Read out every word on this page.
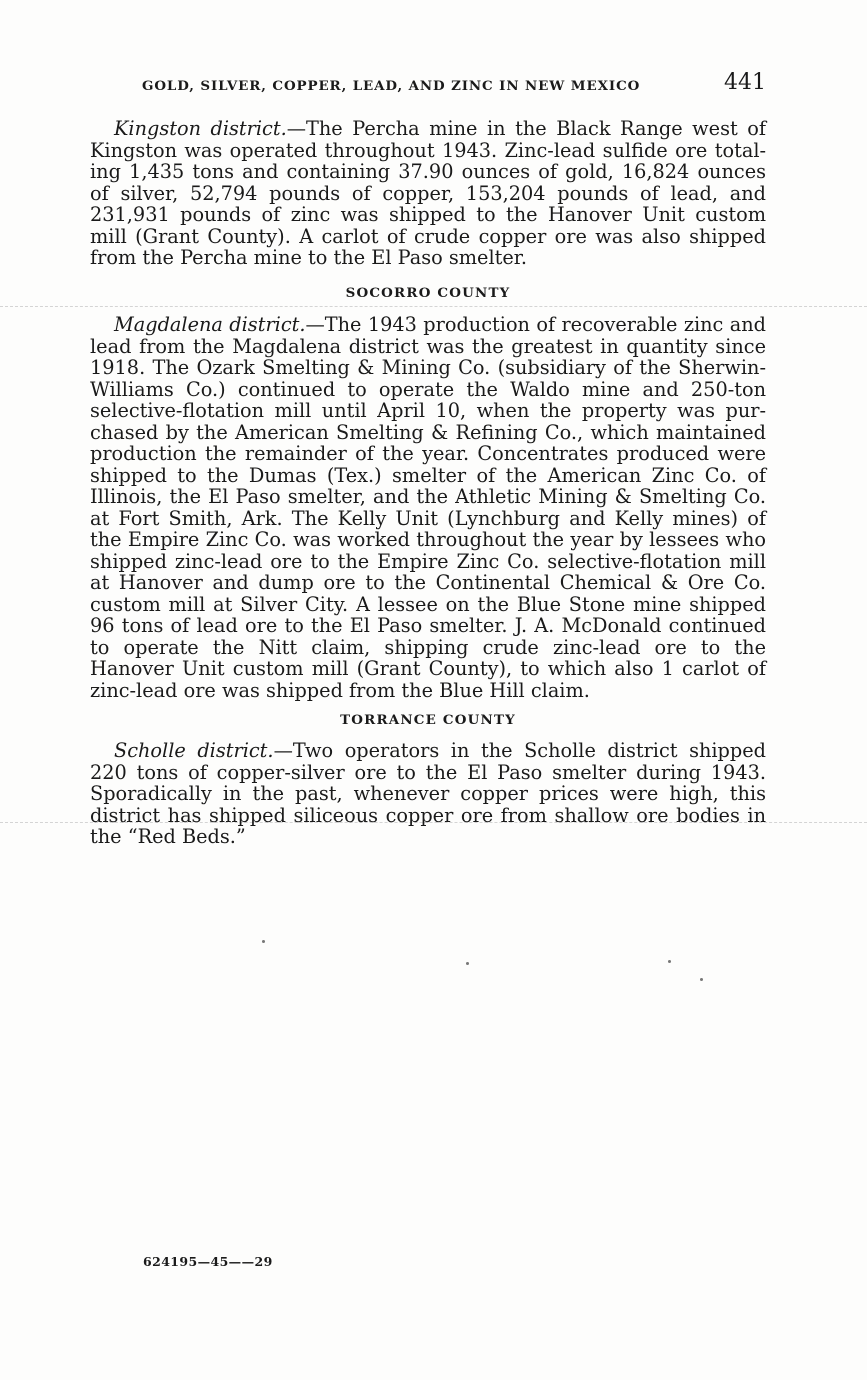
GOLD, SILVER, COPPER, LEAD, AND ZINC IN NEW MEXICO	441

Kingston district.—The Percha mine in the Black Range west of Kingston was operated throughout 1943. Zinc-lead sulfide ore totaling 1,435 tons and containing 37.90 ounces of gold, 16,824 ounces of silver, 52,794 pounds of copper, 153,204 pounds of lead, and 231,931 pounds of zinc was shipped to the Hanover Unit custom mill (Grant County). A carlot of crude copper ore was also shipped from the Percha mine to the El Paso smelter.

SOCORRO COUNTY

Magdalena district.—The 1943 production of recoverable zinc and lead from the Magdalena district was the greatest in quantity since 1918. The Ozark Smelting & Mining Co. (subsidiary of the Sherwin-Williams Co.) continued to operate the Waldo mine and 250-ton selective-flotation mill until April 10, when the property was purchased by the American Smelting & Refining Co., which maintained production the remainder of the year. Concentrates produced were shipped to the Dumas (Tex.) smelter of the American Zinc Co. of Illinois, the El Paso smelter, and the Athletic Mining & Smelting Co. at Fort Smith, Ark. The Kelly Unit (Lynchburg and Kelly mines) of the Empire Zinc Co. was worked throughout the year by lessees who shipped zinc-lead ore to the Empire Zinc Co. selective-flotation mill at Hanover and dump ore to the Continental Chemical & Ore Co. custom mill at Silver City. A lessee on the Blue Stone mine shipped 96 tons of lead ore to the El Paso smelter. J. A. McDonald continued to operate the Nitt claim, shipping crude zinc-lead ore to the Hanover Unit custom mill (Grant County), to which also 1 carlot of zinc-lead ore was shipped from the Blue Hill claim.

TORRANCE COUNTY

Scholle district.—Two operators in the Scholle district shipped 220 tons of copper-silver ore to the El Paso smelter during 1943. Sporadically in the past, whenever copper prices were high, this district has shipped siliceous copper ore from shallow ore bodies in the “Red Beds.”

624195—45——29
